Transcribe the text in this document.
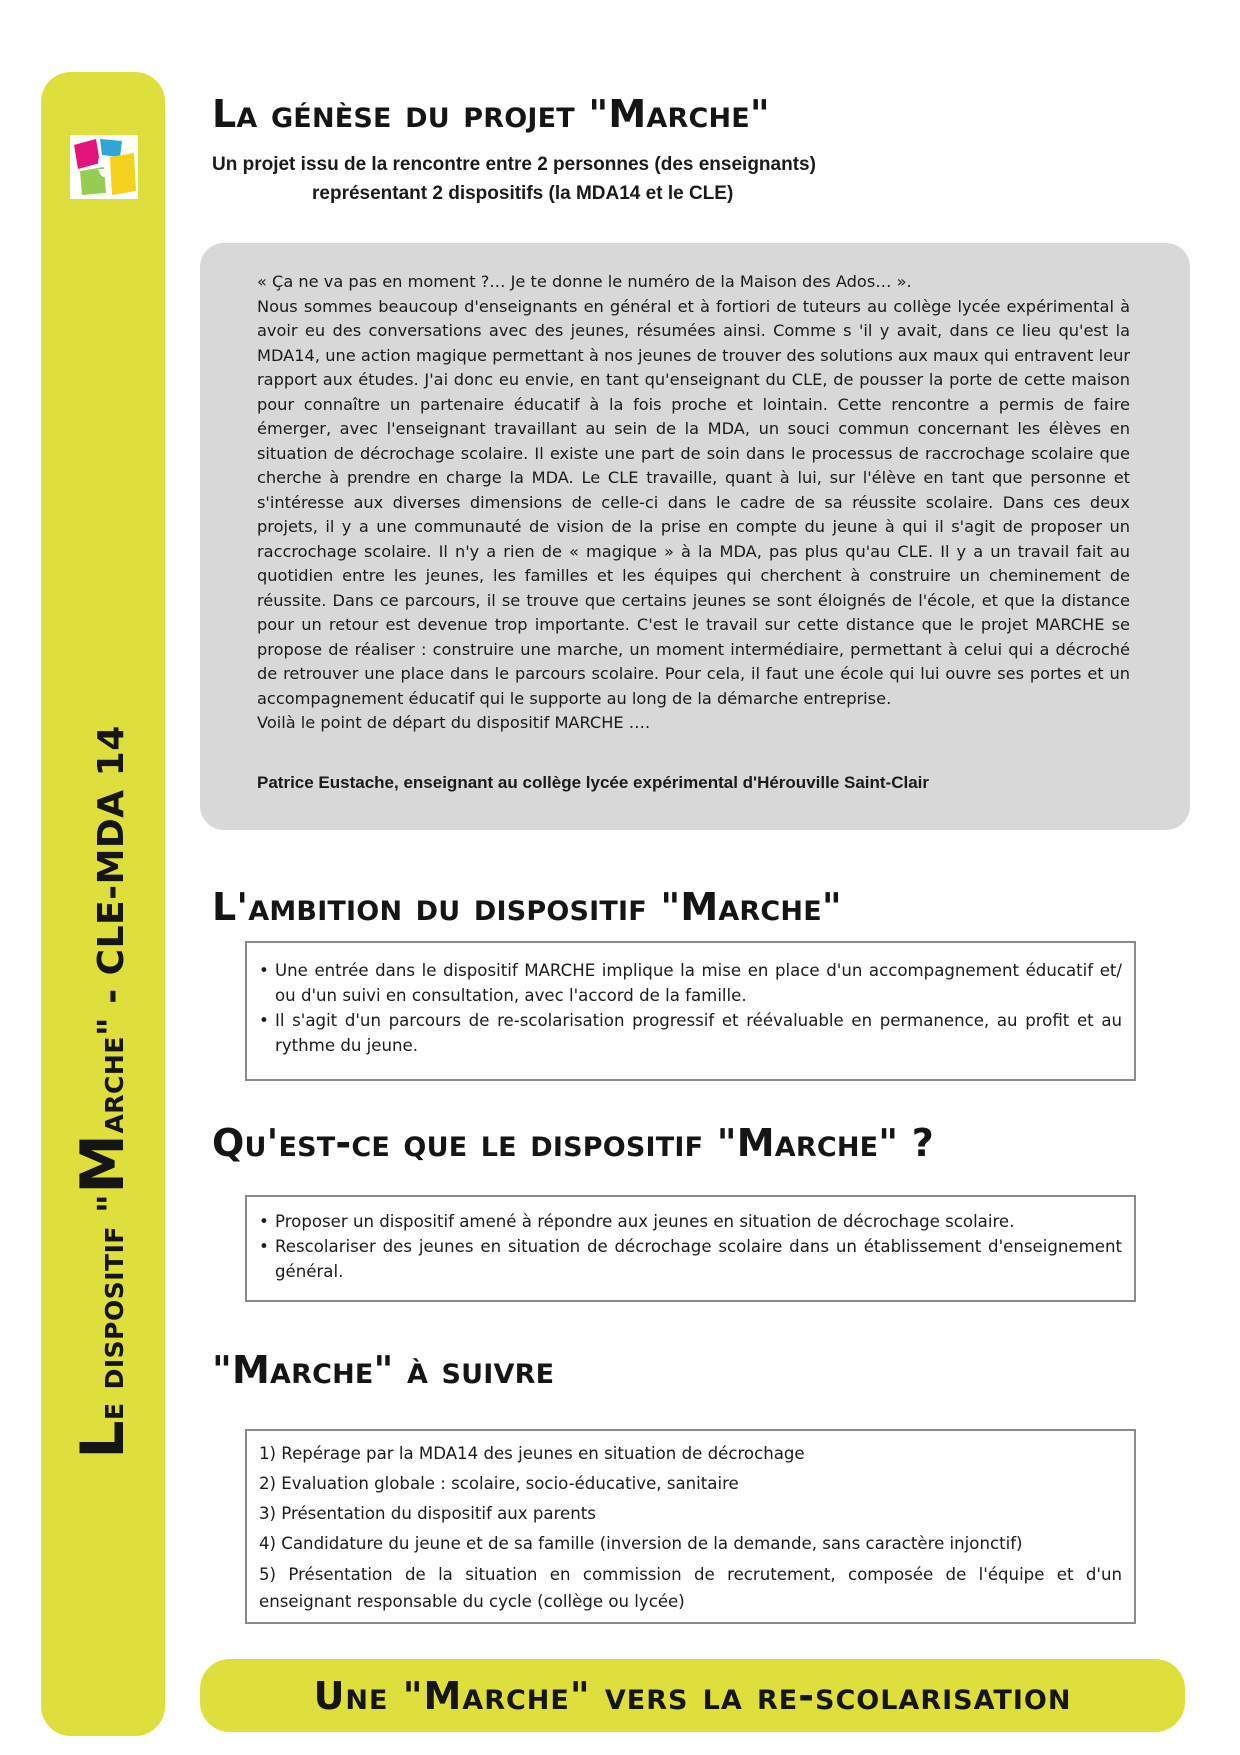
Le dispositif "Marche" - CLE-MDA 14
La génèse du projet "Marche"
Un projet issu de la rencontre entre 2 personnes (des enseignants)
représentant 2 dispositifs (la MDA14 et le CLE)

« Ça ne va pas en moment ?… Je te donne le numéro de la Maison des Ados… ».

Nous sommes beaucoup d'enseignants en général et à fortiori de tuteurs au collège lycée expérimental à avoir eu des conversations avec des jeunes, résumées ainsi. Comme s 'il y avait, dans ce lieu qu'est la MDA14, une action magique permettant à nos jeunes de trouver des solutions aux maux qui entravent leur rapport aux études. J'ai donc eu envie, en tant qu'enseignant du CLE, de pousser la porte de cette maison pour connaître un partenaire éducatif à la fois proche et lointain. Cette rencontre a permis de faire émerger, avec l'enseignant travaillant au sein de la MDA, un souci commun concernant les élèves en situation de décrochage scolaire. Il existe une part de soin dans le processus de raccrochage scolaire que cherche à prendre en charge la MDA. Le CLE travaille, quant à lui, sur l'élève en tant que personne et s'intéresse aux diverses dimensions de celle-ci dans le cadre de sa réussite scolaire. Dans ces deux projets, il y a une communauté de vision de la prise en compte du jeune à qui il s'agit de proposer un raccrochage scolaire. Il n'y a rien de « magique » à la MDA, pas plus qu'au CLE. Il y a un travail fait au quotidien entre les jeunes, les familles et les équipes qui cherchent à construire un cheminement de réussite. Dans ce parcours, il se trouve que certains jeunes se sont éloignés de l'école, et que la distance pour un retour est devenue trop importante. C'est le travail sur cette distance que le projet MARCHE se propose de réaliser : construire une marche, un moment intermédiaire, permettant à celui qui a décroché de retrouver une place dans le parcours scolaire. Pour cela, il faut une école qui lui ouvre ses portes et un accompagnement éducatif qui le supporte au long de la démarche entreprise.

Voilà le point de départ du dispositif MARCHE ….

Patrice Eustache, enseignant au collège lycée expérimental d'Hérouville Saint-Clair
L'ambition du dispositif "Marche"
• Une entrée dans le dispositif MARCHE implique la mise en place d'un accompagnement éducatif et/ ou d'un suivi en consultation, avec l'accord de la famille.
• Il s'agit d'un parcours de re-scolarisation progressif et réévaluable en permanence, au profit et au rythme du jeune.
Qu'est-ce que le dispositif "Marche" ?
• Proposer un dispositif amené à répondre aux jeunes en situation de décrochage scolaire.
• Rescolariser des jeunes en situation de décrochage scolaire dans un établissement d'enseignement général.
"Marche" à suivre
1) Repérage par la MDA14 des jeunes en situation de décrochage
2) Evaluation globale : scolaire, socio-éducative, sanitaire
3) Présentation du dispositif aux parents
4) Candidature du jeune et de sa famille (inversion de la demande, sans caractère injonctif)
5) Présentation de la situation en commission de recrutement, composée de l'équipe et d'un enseignant responsable du cycle (collège ou lycée)
Une "Marche" vers la re-scolarisation
